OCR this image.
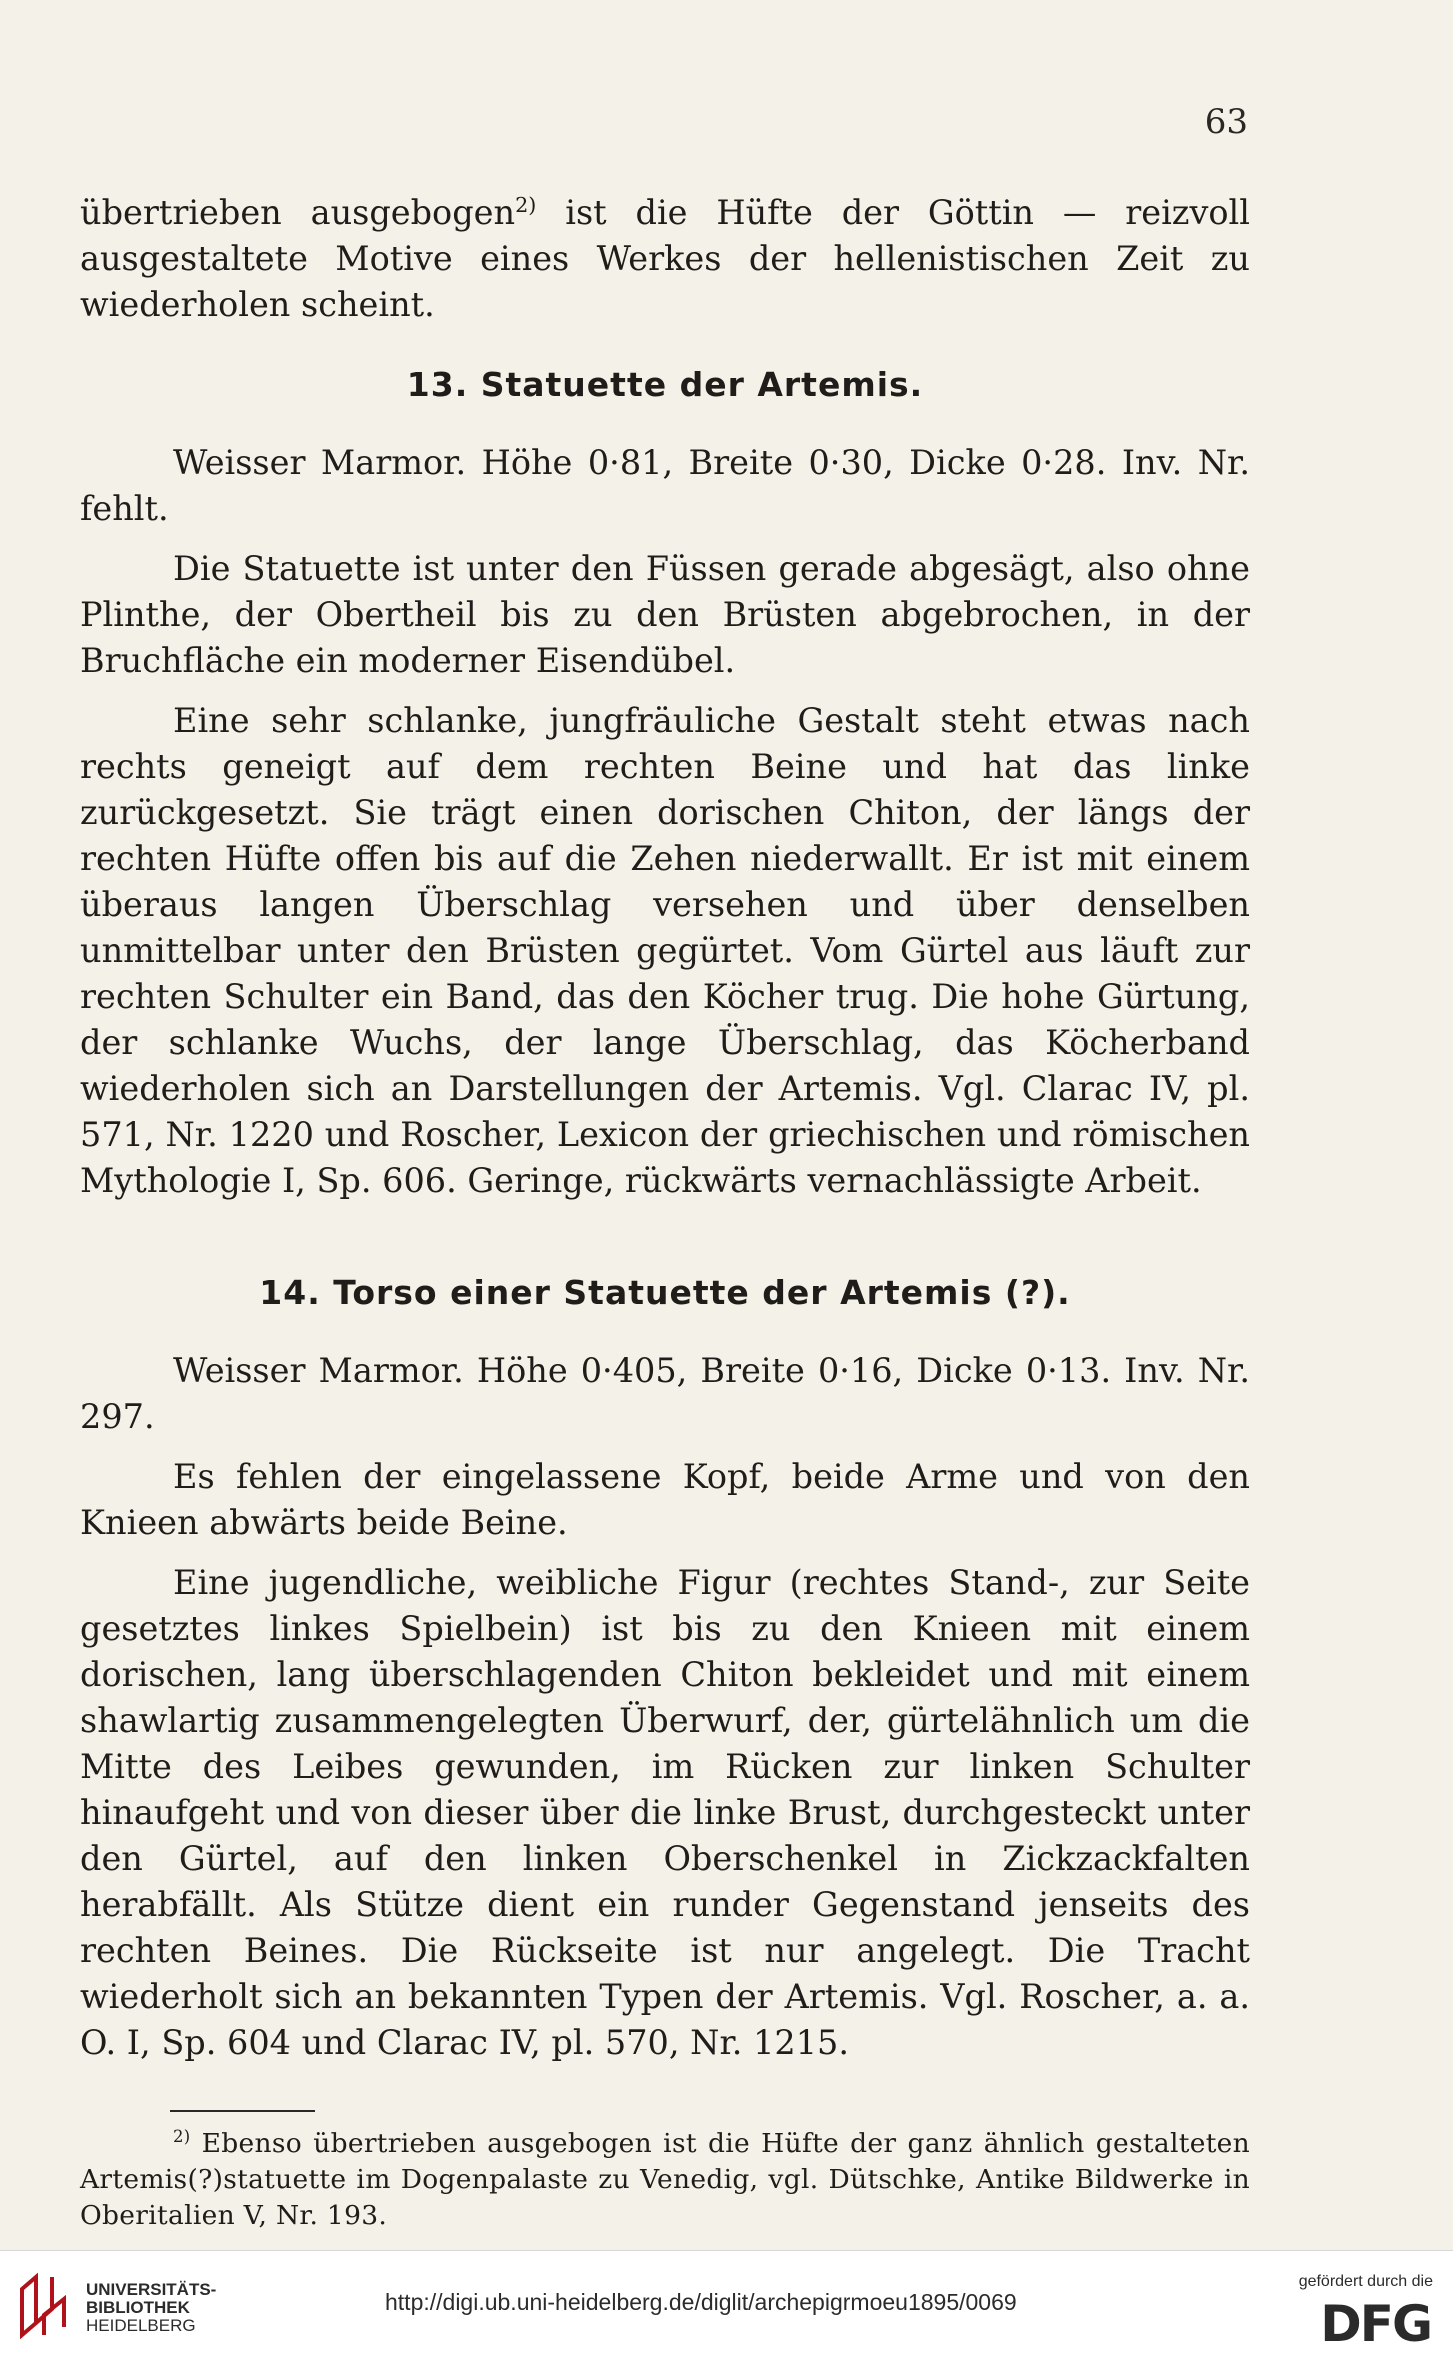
63

übertrieben ausgebogen$^{2)}$ ist die Hüfte der Göttin — reizvoll ausgestaltete Motive eines Werkes der hellenistischen Zeit zu wiederholen scheint.

13. Statuette der Artemis.

Weisser Marmor. Höhe 0·81, Breite 0·30, Dicke 0·28. Inv. Nr. fehlt.

Die Statuette ist unter den Füssen gerade abgesägt, also ohne Plinthe, der Obertheil bis zu den Brüsten abgebrochen, in der Bruchfläche ein moderner Eisendübel.

Eine sehr schlanke, jungfräuliche Gestalt steht etwas nach rechts geneigt auf dem rechten Beine und hat das linke zurückgesetzt. Sie trägt einen dorischen Chiton, der längs der rechten Hüfte offen bis auf die Zehen niederwallt. Er ist mit einem überaus langen Überschlag versehen und über denselben unmittelbar unter den Brüsten gegürtet. Vom Gürtel aus läuft zur rechten Schulter ein Band, das den Köcher trug. Die hohe Gürtung, der schlanke Wuchs, der lange Überschlag, das Köcherband wiederholen sich an Darstellungen der Artemis. Vgl. Clarac IV, pl. 571, Nr. 1220 und Roscher, Lexicon der griechischen und römischen Mythologie I, Sp. 606. Geringe, rückwärts vernachlässigte Arbeit.

14. Torso einer Statuette der Artemis (?).

Weisser Marmor. Höhe 0·405, Breite 0·16, Dicke 0·13. Inv. Nr. 297.

Es fehlen der eingelassene Kopf, beide Arme und von den Knieen abwärts beide Beine.

Eine jugendliche, weibliche Figur (rechtes Stand-, zur Seite gesetztes linkes Spielbein) ist bis zu den Knieen mit einem dorischen, lang überschlagenden Chiton bekleidet und mit einem shawlartig zusammengelegten Überwurf, der, gürtelähnlich um die Mitte des Leibes gewunden, im Rücken zur linken Schulter hinaufgeht und von dieser über die linke Brust, durchgesteckt unter den Gürtel, auf den linken Oberschenkel in Zickzackfalten herabfällt. Als Stütze dient ein runder Gegenstand jenseits des rechten Beines. Die Rückseite ist nur angelegt. Die Tracht wiederholt sich an bekannten Typen der Artemis. Vgl. Roscher, a. a. O. I, Sp. 604 und Clarac IV, pl. 570, Nr. 1215.

$^{2)}$ Ebenso übertrieben ausgebogen ist die Hüfte der ganz ähnlich gestalteten Artemis(?)statuette im Dogenpalaste zu Venedig, vgl. Dütschke, Antike Bildwerke in Oberitalien V, Nr. 193.

UNIVERSITÄTS-
BIBLIOTHEK
HEIDELBERG
http://digi.ub.uni-heidelberg.de/diglit/archepigrmoeu1895/0069
gefördert durch die
DFG
